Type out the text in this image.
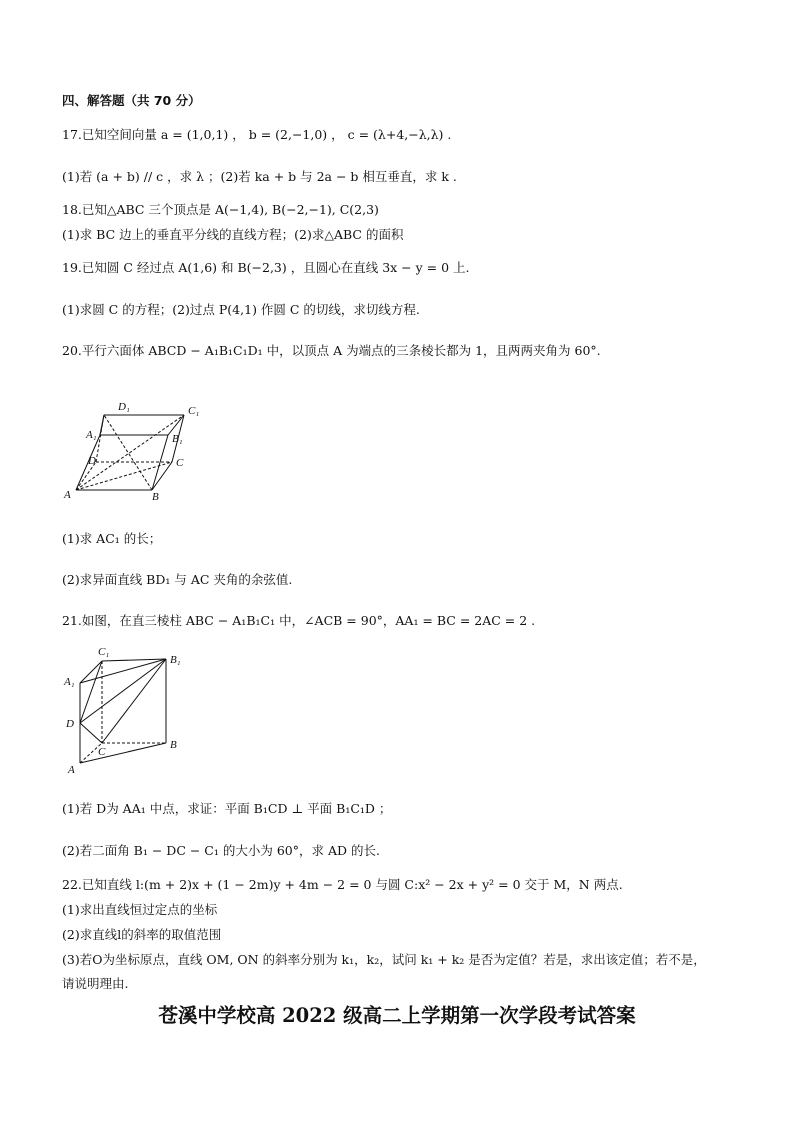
四、解答题（共 70 分）
17.已知空间向量 a = (1,0,1) ， b = (2,−1,0) ， c = (λ+4,−λ,λ) .
(1)若 (a + b) // c ，求 λ ；(2)若 ka + b 与 2a − b 相互垂直，求 k .
18.已知△ABC 三个顶点是 A(−1,4), B(−2,−1), C(2,3)
(1)求 BC 边上的垂直平分线的直线方程；(2)求△ABC 的面积
19.已知圆 C 经过点 A(1,6) 和 B(−2,3) ，且圆心在直线 3x − y = 0 上.
(1)求圆 C 的方程；(2)过点 P(4,1) 作圆 C 的切线，求切线方程.
20.平行六面体 ABCD − A₁B₁C₁D₁ 中，以顶点 A 为端点的三条棱长都为 1，且两两夹角为 60°.
A	B
C
D
A₁	B₁
C₁
D₁
(1)求 AC₁ 的长；
(2)求异面直线 BD₁ 与 AC 夹角的余弦值.
21.如图，在直三棱柱 ABC − A₁B₁C₁ 中，∠ACB = 90°，AA₁ = BC = 2AC = 2 .
A
B
C
D
A₁
B₁
C₁
(1)若 D为 AA₁ 中点，求证：平面 B₁CD ⊥ 平面 B₁C₁D ；
(2)若二面角 B₁ − DC − C₁ 的大小为 60°，求 AD 的长.
22.已知直线 l:(m + 2)x + (1 − 2m)y + 4m − 2 = 0 与圆 C:x² − 2x + y² = 0 交于 M，N 两点.
(1)求出直线恒过定点的坐标
(2)求直线l的斜率的取值范围
(3)若O为坐标原点，直线 OM, ON 的斜率分别为 k₁，k₂，试问 k₁ + k₂ 是否为定值？若是，求出该定值；若不是，
请说明理由.
苍溪中学校高 2022 级高二上学期第一次学段考试答案
